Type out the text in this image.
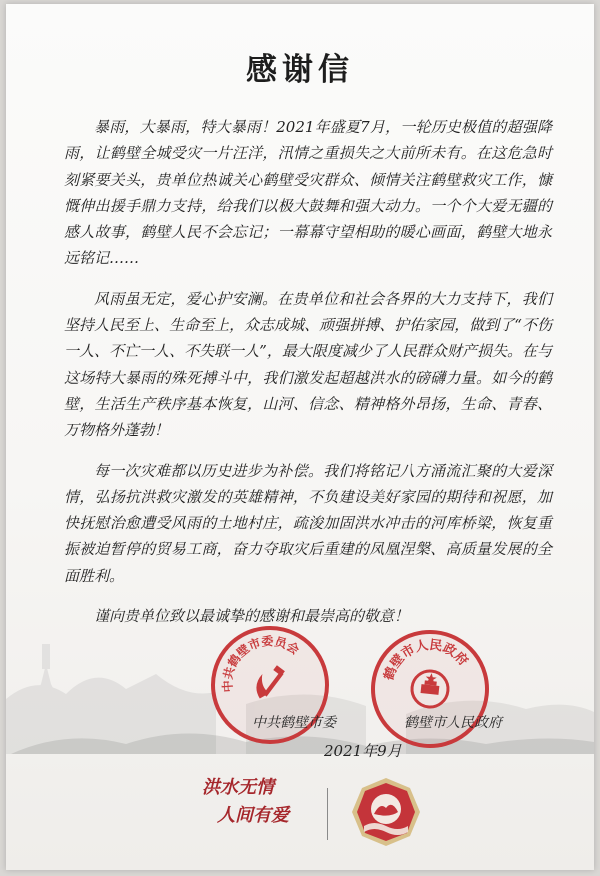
感谢信

暴雨，大暴雨，特大暴雨！2021年盛夏7月，一轮历史极值的超强降雨，让鹤壁全城受灾一片汪洋，汛情之重损失之大前所未有。在这危急时刻紧要关头，贵单位热诚关心鹤壁受灾群众、倾情关注鹤壁救灾工作，慷慨伸出援手鼎力支持，给我们以极大鼓舞和强大动力。一个个大爱无疆的感人故事，鹤壁人民不会忘记；一幕幕守望相助的暖心画面，鹤壁大地永远铭记……

风雨虽无定，爱心护安澜。在贵单位和社会各界的大力支持下，我们坚持人民至上、生命至上，众志成城、顽强拼搏、护佑家园，做到了“不伤一人、不亡一人、不失联一人”，最大限度减少了人民群众财产损失。在与这场特大暴雨的殊死搏斗中，我们激发起超越洪水的磅礴力量。如今的鹤壁，生活生产秩序基本恢复，山河、信念、精神格外昂扬，生命、青春、万物格外蓬勃！

每一次灾难都以历史进步为补偿。我们将铭记八方涌流汇聚的大爱深情，弘扬抗洪救灾激发的英雄精神，不负建设美好家园的期待和祝愿，加快抚慰治愈遭受风雨的土地村庄，疏浚加固洪水冲击的河库桥梁，恢复重振被迫暂停的贸易工商，奋力夺取灾后重建的凤凰涅槃、高质量发展的全面胜利。

谨向贵单位致以最诚挚的感谢和最崇高的敬意！

中共鹤壁市委员会
鹤壁市人民政府
中共鹤壁市委	鹤壁市人民政府
2021年9月
洪水无情
人间有爱
